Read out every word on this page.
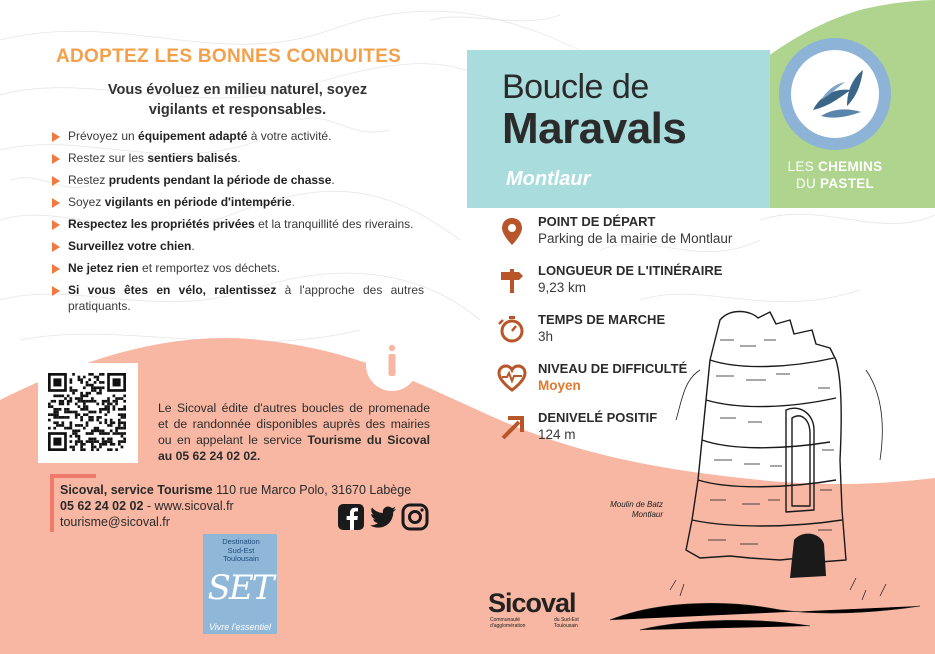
ADOPTEZ LES BONNES CONDUITES
Vous évoluez en milieu naturel, soyez vigilants et responsables.
Prévoyez un équipement adapté à votre activité.
Restez sur les sentiers balisés.
Restez prudents pendant la période de chasse.
Soyez vigilants en période d'intempérie.
Respectez les propriétés privées et la tranquillité des riverains.
Surveillez votre chien.
Ne jetez rien et remportez vos déchets.
Si vous êtes en vélo, ralentissez à l'approche des autres pratiquants.
Le Sicoval édite d'autres boucles de promenade et de randonnée disponibles auprès des mairies ou en appelant le service Tourisme du Sicoval au 05 62 24 02 02.
Sicoval, service Tourisme 110 rue Marco Polo, 31670 Labège
05 62 24 02 02 - www.sicoval.fr
tourisme@sicoval.fr
Destination
Sud-Est
Toulousain
SET
Vivre l'essentiel
Boucle de
Maravals
Montlaur
LES CHEMINS
DU PASTEL
POINT DE DÉPART
Parking de la mairie de Montlaur
LONGUEUR DE L'ITINÉRAIRE
9,23 km
TEMPS DE MARCHE
3h
NIVEAU DE DIFFICULTÉ
Moyen
DENIVELÉ POSITIF
124 m
Moulin de Batz
Montlaur
Sicoval
Communauté d'agglomération
du Sud-Est Toulousain
